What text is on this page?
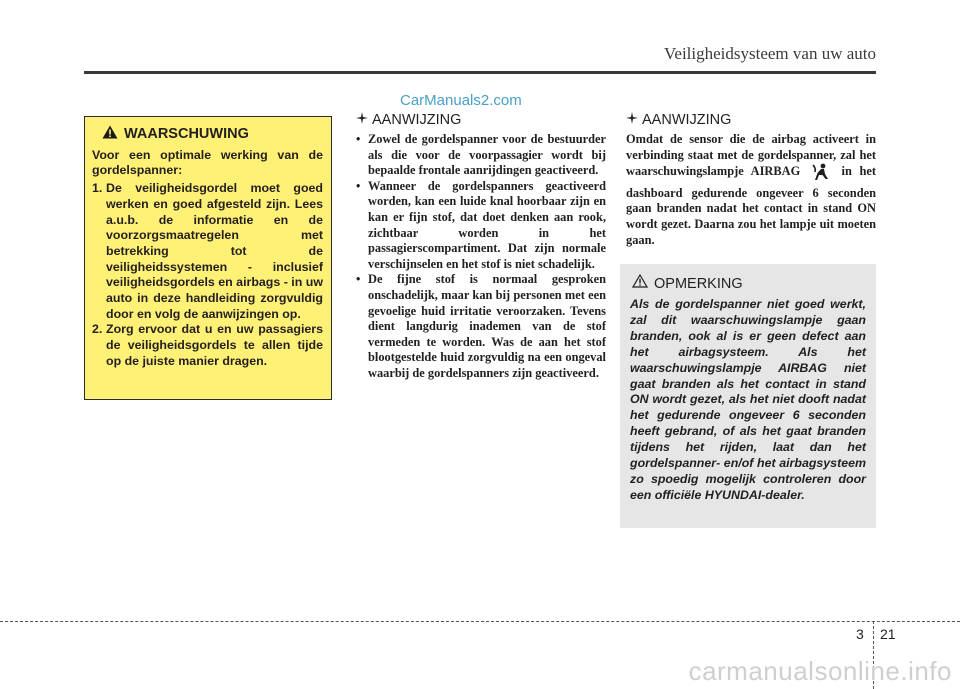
Veiligheidsysteem van uw auto
CarManuals2.com
WAARSCHUWING
Voor een optimale werking van de gordelspanner:
1. De veiligheidsgordel moet goed werken en goed afgesteld zijn. Lees a.u.b. de informatie en de voorzorgsmaatregelen met betrekking tot de veiligheidssystemen - inclusief veiligheidsgordels en airbags - in uw auto in deze handleiding zorgvuldig door en volg de aanwijzingen op.
2. Zorg ervoor dat u en uw passagiers de veiligheidsgordels te allen tijde op de juiste manier dragen.
AANWIJZING
• Zowel de gordelspanner voor de bestuurder als die voor de voorpassagier wordt bij bepaalde frontale aanrijdingen geactiveerd.
• Wanneer de gordelspanners geactiveerd worden, kan een luide knal hoorbaar zijn en kan er fijn stof, dat doet denken aan rook, zichtbaar worden in het passagierscompartiment. Dat zijn normale verschijnselen en het stof is niet schadelijk.
• De fijne stof is normaal gesproken onschadelijk, maar kan bij personen met een gevoelige huid irritatie veroorzaken. Tevens dient langdurig inademen van de stof vermeden te worden. Was de aan het stof blootgestelde huid zorgvuldig na een ongeval waarbij de gordelspanners zijn geactiveerd.
AANWIJZING

Omdat de sensor die de airbag activeert in verbinding staat met de gordelspanner, zal het waarschuwingslampje AIRBAG	in het dashboard gedurende ongeveer 6 seconden gaan branden nadat het contact in stand ON wordt gezet. Daarna zou het lampje uit moeten gaan.

OPMERKING

Als de gordelspanner niet goed werkt, zal dit waarschuwingslampje gaan branden, ook al is er geen defect aan het airbagsysteem. Als het waarschuwingslampje AIRBAG niet gaat branden als het contact in stand ON wordt gezet, als het niet dooft nadat het gedurende ongeveer 6 seconden heeft gebrand, of als het gaat branden tijdens het rijden, laat dan het gordelspanner- en/of het airbagsysteem zo spoedig mogelijk controleren door een officiële HYUNDAI-dealer.

3 21
carmanualsonline.info
